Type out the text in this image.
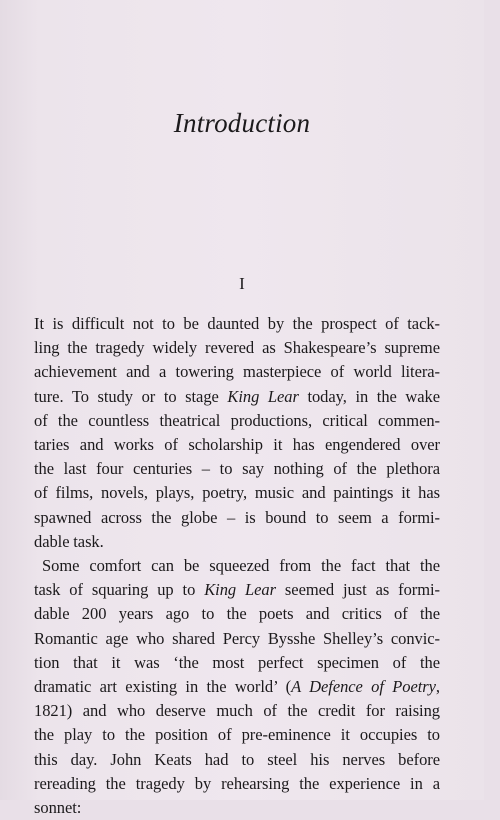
Introduction
I
It is difficult not to be daunted by the prospect of tack-
ling the tragedy widely revered as Shakespeare’s supreme
achievement and a towering masterpiece of world litera-
ture. To study or to stage King Lear today, in the wake
of the countless theatrical productions, critical commen-
taries and works of scholarship it has engendered over
the last four centuries – to say nothing of the plethora
of films, novels, plays, poetry, music and paintings it has
spawned across the globe – is bound to seem a formi-
dable task.
Some comfort can be squeezed from the fact that the
task of squaring up to King Lear seemed just as formi-
dable 200 years ago to the poets and critics of the
Romantic age who shared Percy Bysshe Shelley’s convic-
tion that it was ‘the most perfect specimen of the
dramatic art existing in the world’ (A Defence of Poetry,
1821) and who deserve much of the credit for raising
the play to the position of pre-eminence it occupies to
this day. John Keats had to steel his nerves before
rereading the tragedy by rehearsing the experience in a
sonnet:
